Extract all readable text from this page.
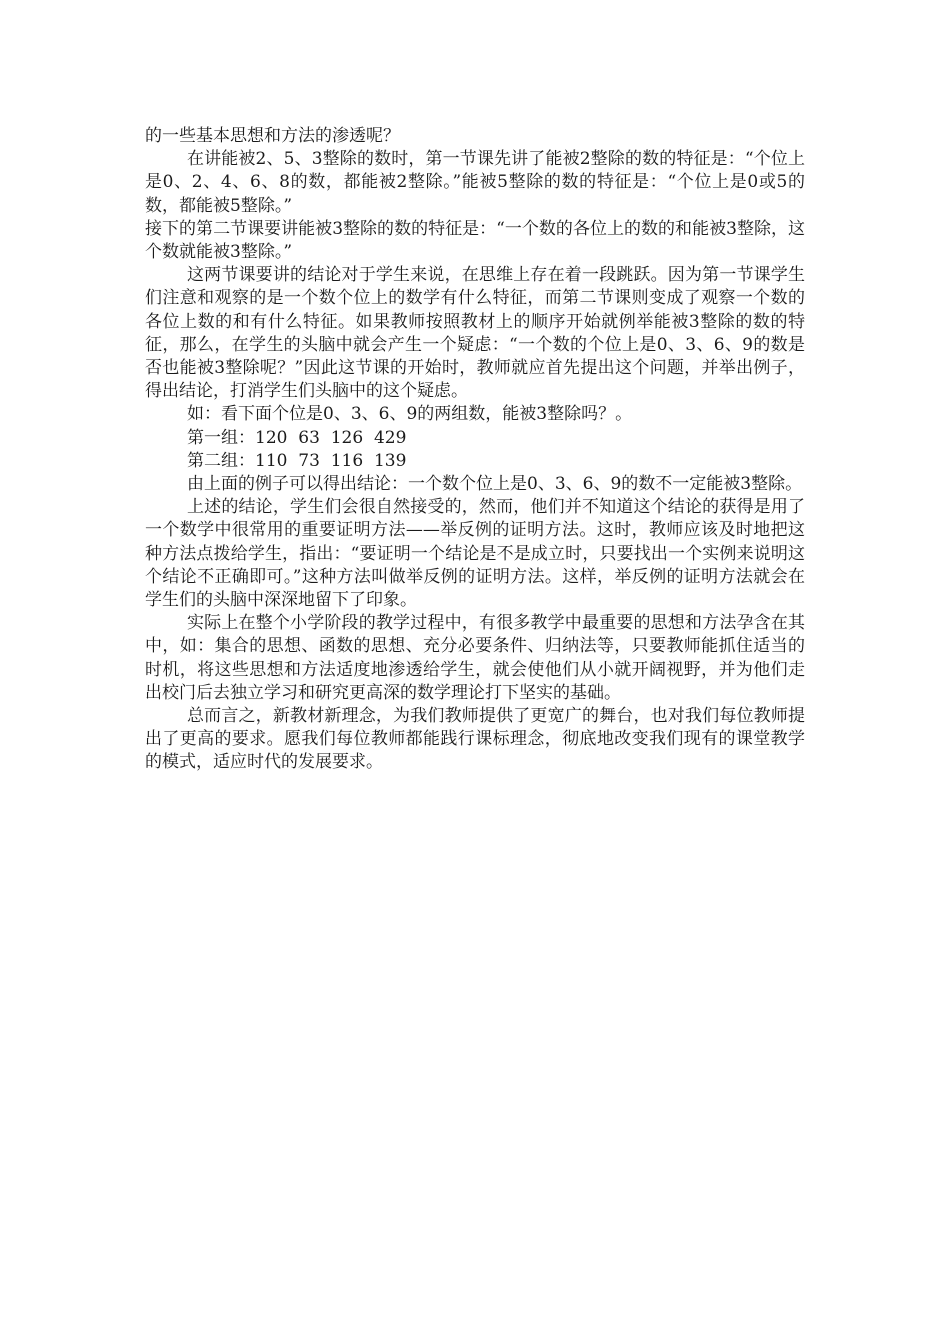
的一些基本思想和方法的渗透呢？

在讲能被2、5、3整除的数时，第一节课先讲了能被2整除的数的特征是：“个位上是0、2、4、6、8的数，都能被2整除。”能被5整除的数的特征是：“个位上是0或5的数，都能被5整除。”

接下的第二节课要讲能被3整除的数的特征是：“一个数的各位上的数的和能被3整除，这个数就能被3整除。”

这两节课要讲的结论对于学生来说，在思维上存在着一段跳跃。因为第一节课学生们注意和观察的是一个数个位上的数学有什么特征，而第二节课则变成了观察一个数的各位上数的和有什么特征。如果教师按照教材上的顺序开始就例举能被3整除的数的特征，那么，在学生的头脑中就会产生一个疑虑：“一个数的个位上是0、3、6、9的数是否也能被3整除呢？”因此这节课的开始时，教师就应首先提出这个问题，并举出例子，得出结论，打消学生们头脑中的这个疑虑。

如：看下面个位是0、3、6、9的两组数，能被3整除吗？。

第一组：120  63  126  429

第二组：110  73  116  139

由上面的例子可以得出结论：一个数个位上是0、3、6、9的数不一定能被3整除。

上述的结论，学生们会很自然接受的，然而，他们并不知道这个结论的获得是用了一个数学中很常用的重要证明方法——举反例的证明方法。这时，教师应该及时地把这种方法点拨给学生，指出：“要证明一个结论是不是成立时，只要找出一个实例来说明这个结论不正确即可。”这种方法叫做举反例的证明方法。这样，举反例的证明方法就会在学生们的头脑中深深地留下了印象。

实际上在整个小学阶段的教学过程中，有很多教学中最重要的思想和方法孕含在其中，如：集合的思想、函数的思想、充分必要条件、归纳法等，只要教师能抓住适当的时机，将这些思想和方法适度地渗透给学生，就会使他们从小就开阔视野，并为他们走出校门后去独立学习和研究更高深的数学理论打下坚实的基础。

总而言之，新教材新理念，为我们教师提供了更宽广的舞台，也对我们每位教师提出了更高的要求。愿我们每位教师都能践行课标理念，彻底地改变我们现有的课堂教学的模式，适应时代的发展要求。
